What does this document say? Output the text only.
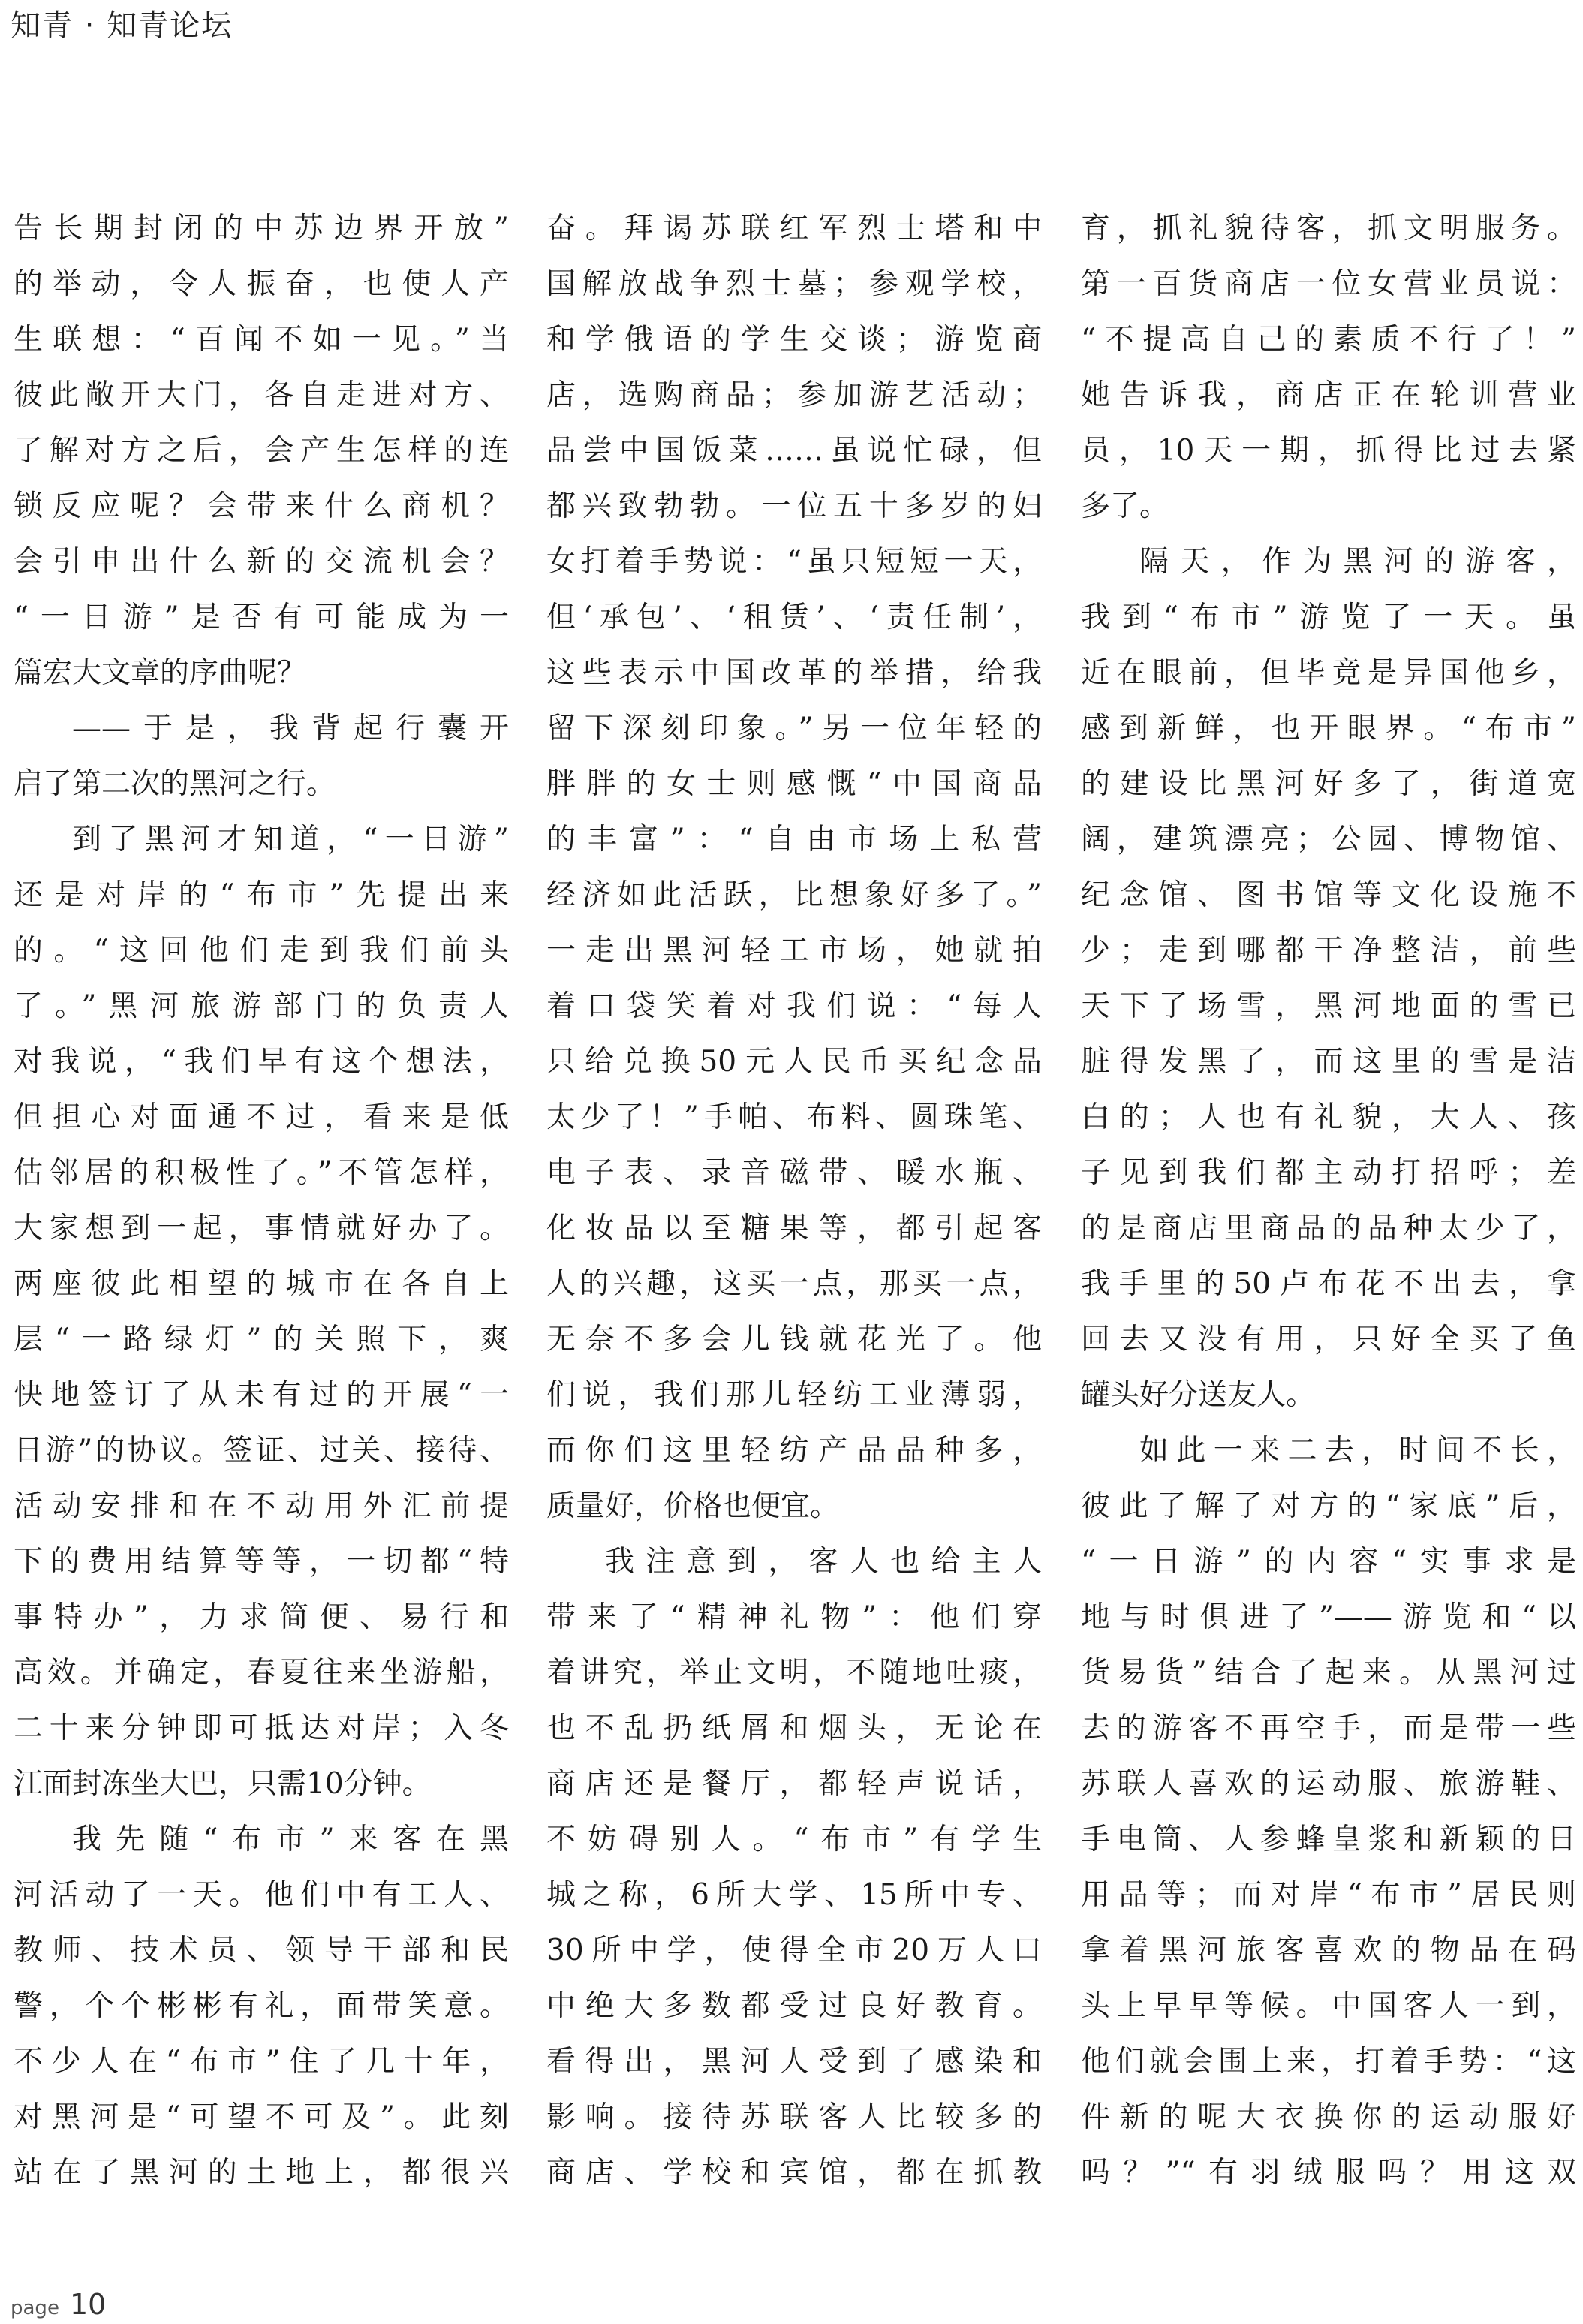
知青 · 知青论坛
告长期封闭的中苏边界开放”
的举动，令人振奋，也使人产
生联想：“百闻不如一见。”当
彼此敞开大门，各自走进对方、
了解对方之后，会产生怎样的连
锁反应呢？会带来什么商机？
会引申出什么新的交流机会？
“一日游”是否有可能成为一
篇宏大文章的序曲呢？
——于是，我背起行囊开
启了第二次的黑河之行。
到了黑河才知道，“一日游”
还是对岸的“布市”先提出来
的。“这回他们走到我们前头
了。”黑河旅游部门的负责人
对我说，“我们早有这个想法，
但担心对面通不过，看来是低
估邻居的积极性了。”不管怎样，
大家想到一起，事情就好办了。
两座彼此相望的城市在各自上
层“一路绿灯”的关照下，爽
快地签订了从未有过的开展“一
日游”的协议。签证、过关、接待、
活动安排和在不动用外汇前提
下的费用结算等等，一切都“特
事特办”，力求简便、易行和
高效。并确定，春夏往来坐游船，
二十来分钟即可抵达对岸；入冬
江面封冻坐大巴，只需10分钟。
我先随“布市”来客在黑
河活动了一天。他们中有工人、
教师、技术员、领导干部和民
警，个个彬彬有礼，面带笑意。
不少人在“布市”住了几十年，
对黑河是“可望不可及”。此刻
站在了黑河的土地上，都很兴
奋。拜谒苏联红军烈士塔和中
国解放战争烈士墓；参观学校，
和学俄语的学生交谈；游览商
店，选购商品；参加游艺活动；
品尝中国饭菜……虽说忙碌，但
都兴致勃勃。一位五十多岁的妇
女打着手势说：“虽只短短一天，
但‘承包’、‘租赁’、‘责任制’，
这些表示中国改革的举措，给我
留下深刻印象。”另一位年轻的
胖胖的女士则感慨“中国商品
的丰富”：“自由市场上私营
经济如此活跃，比想象好多了。”
一走出黑河轻工市场，她就拍
着口袋笑着对我们说：“每人
只给兑换50元人民币买纪念品
太少了！”手帕、布料、圆珠笔、
电子表、录音磁带、暖水瓶、
化妆品以至糖果等，都引起客
人的兴趣，这买一点，那买一点，
无奈不多会儿钱就花光了。他
们说，我们那儿轻纺工业薄弱，
而你们这里轻纺产品品种多，
质量好，价格也便宜。
我注意到，客人也给主人
带来了“精神礼物”：他们穿
着讲究，举止文明，不随地吐痰，
也不乱扔纸屑和烟头，无论在
商店还是餐厅，都轻声说话，
不妨碍别人。“布市”有学生
城之称，6所大学、15所中专、
30所中学，使得全市20万人口
中绝大多数都受过良好教育。
看得出，黑河人受到了感染和
影响。接待苏联客人比较多的
商店、学校和宾馆，都在抓教
育，抓礼貌待客，抓文明服务。
第一百货商店一位女营业员说：
“不提高自己的素质不行了！”
她告诉我，商店正在轮训营业
员，10天一期，抓得比过去紧
多了。
隔天，作为黑河的游客，
我到“布市”游览了一天。虽
近在眼前，但毕竟是异国他乡，
感到新鲜，也开眼界。“布市”
的建设比黑河好多了，街道宽
阔，建筑漂亮；公园、博物馆、
纪念馆、图书馆等文化设施不
少；走到哪都干净整洁，前些
天下了场雪，黑河地面的雪已
脏得发黑了，而这里的雪是洁
白的；人也有礼貌，大人、孩
子见到我们都主动打招呼；差
的是商店里商品的品种太少了，
我手里的50卢布花不出去，拿
回去又没有用，只好全买了鱼
罐头好分送友人。
如此一来二去，时间不长，
彼此了解了对方的“家底”后，
“一日游”的内容“实事求是
地与时俱进了”——游览和“以
货易货”结合了起来。从黑河过
去的游客不再空手，而是带一些
苏联人喜欢的运动服、旅游鞋、
手电筒、人参蜂皇浆和新颖的日
用品等；而对岸“布市”居民则
拿着黑河旅客喜欢的物品在码
头上早早等候。中国客人一到，
他们就会围上来，打着手势：“这
件新的呢大衣换你的运动服好
吗？”“有羽绒服吗？用这双
page 10
